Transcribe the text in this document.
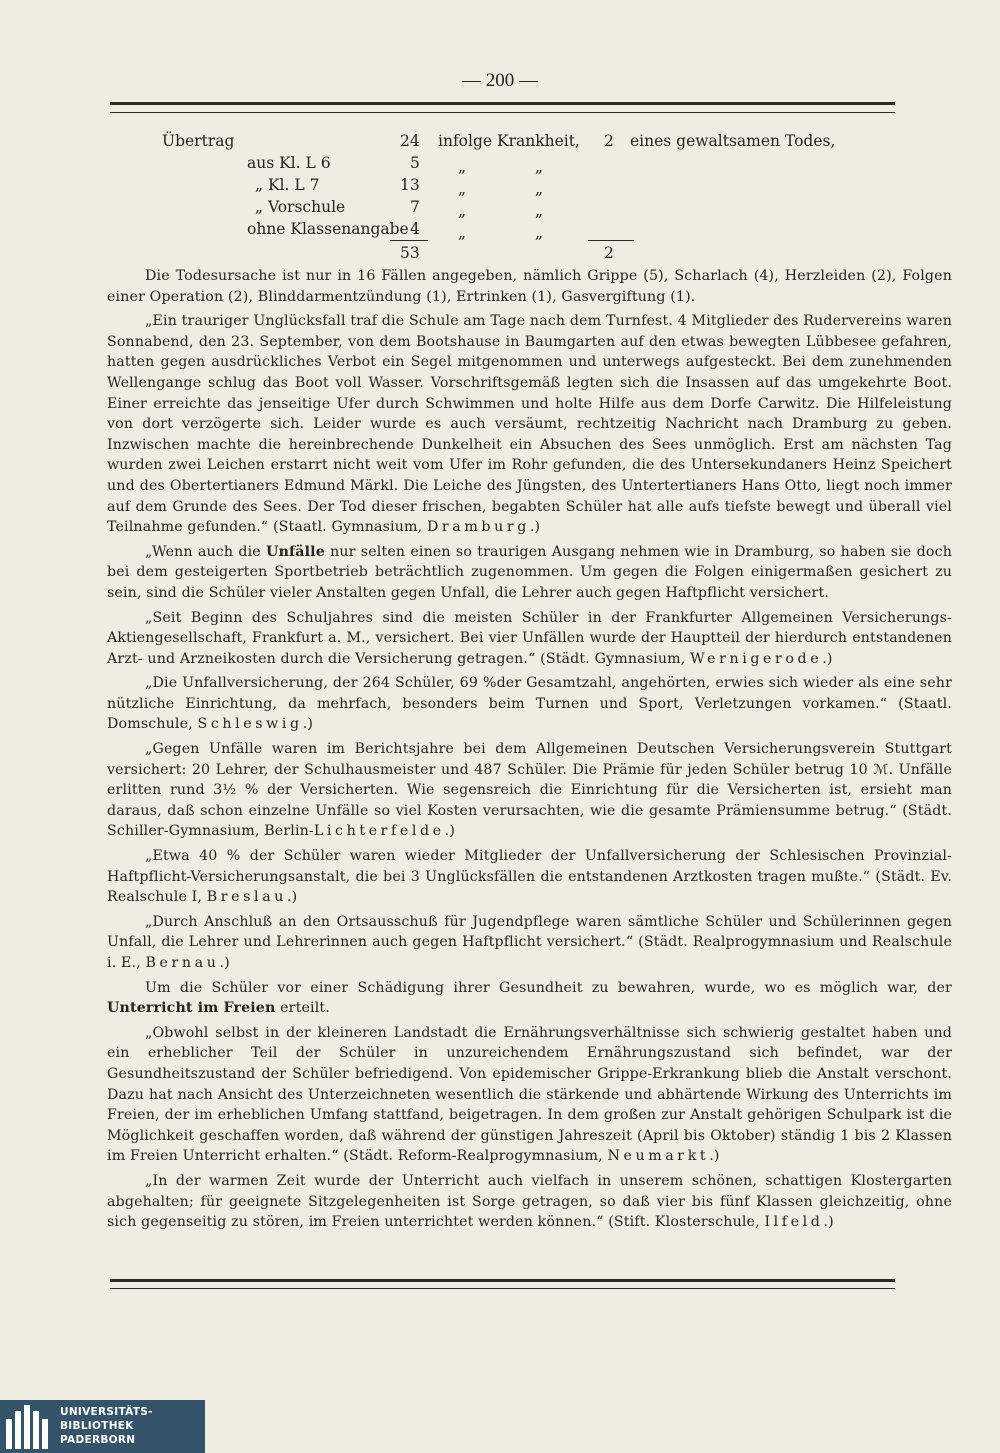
— 200 —
Übertrag	24 infolge Krankheit, 2 eines gewaltsamen Todes,
aus Kl. L 6	5 „	„
„ Kl. L 7	13 „	„
„ Vorschule	7 „	„
ohne Klassenangabe 4 „	„
53	2

Die Todesursache ist nur in 16 Fällen angegeben, nämlich Grippe (5), Scharlach (4), Herzleiden (2), Folgen einer Operation (2), Blinddarmentzündung (1), Ertrinken (1), Gasvergiftung (1).

„Ein trauriger Unglücksfall traf die Schule am Tage nach dem Turnfest. 4 Mitglieder des Rudervereins waren Sonnabend, den 23. September, von dem Bootshause in Baumgarten auf den etwas bewegten Lübbesee gefahren, hatten gegen ausdrückliches Verbot ein Segel mitgenommen und unterwegs aufgesteckt. Bei dem zunehmenden Wellengange schlug das Boot voll Wasser. Vorschriftsgemäß legten sich die Insassen auf das umgekehrte Boot. Einer erreichte das jenseitige Ufer durch Schwimmen und holte Hilfe aus dem Dorfe Carwitz. Die Hilfeleistung von dort verzögerte sich. Leider wurde es auch versäumt, rechtzeitig Nachricht nach Dramburg zu geben. Inzwischen machte die hereinbrechende Dunkelheit ein Absuchen des Sees unmöglich. Erst am nächsten Tag wurden zwei Leichen erstarrt nicht weit vom Ufer im Rohr gefunden, die des Untersekundaners Heinz Speichert und des Obertertianers Edmund Märkl. Die Leiche des Jüngsten, des Untertertianers Hans Otto, liegt noch immer auf dem Grunde des Sees. Der Tod dieser frischen, begabten Schüler hat alle aufs tiefste bewegt und überall viel Teilnahme gefunden.“ (Staatl. Gymnasium, Dramburg.)

„Wenn auch die Unfälle nur selten einen so traurigen Ausgang nehmen wie in Dramburg, so haben sie doch bei dem gesteigerten Sportbetrieb beträchtlich zugenommen. Um gegen die Folgen einigermaßen gesichert zu sein, sind die Schüler vieler Anstalten gegen Unfall, die Lehrer auch gegen Haftpflicht versichert.

„Seit Beginn des Schuljahres sind die meisten Schüler in der Frankfurter Allgemeinen Versicherungs-Aktiengesellschaft, Frankfurt a. M., versichert. Bei vier Unfällen wurde der Hauptteil der hierdurch entstandenen Arzt- und Arzneikosten durch die Versicherung getragen.“ (Städt. Gymnasium, Wernigerode.)

„Die Unfallversicherung, der 264 Schüler, 69 %der Gesamtzahl, angehörten, erwies sich wieder als eine sehr nützliche Einrichtung, da mehrfach, besonders beim Turnen und Sport, Verletzungen vorkamen.“ (Staatl. Domschule, Schleswig.)

„Gegen Unfälle waren im Berichtsjahre bei dem Allgemeinen Deutschen Versicherungsverein Stuttgart versichert: 20 Lehrer, der Schulhausmeister und 487 Schüler. Die Prämie für jeden Schüler betrug 10 ℳ. Unfälle erlitten rund 3½ % der Versicherten. Wie segensreich die Einrichtung für die Versicherten ist, ersieht man daraus, daß schon einzelne Unfälle so viel Kosten verursachten, wie die gesamte Prämiensumme betrug.“ (Städt. Schiller-Gymnasium, Berlin-Lichterfelde.)

„Etwa 40 % der Schüler waren wieder Mitglieder der Unfallversicherung der Schlesischen Provinzial-Haftpflicht-Versicherungsanstalt, die bei 3 Unglücksfällen die entstandenen Arztkosten tragen mußte.“ (Städt. Ev. Realschule I, Breslau.)

„Durch Anschluß an den Ortsausschuß für Jugendpflege waren sämtliche Schüler und Schülerinnen gegen Unfall, die Lehrer und Lehrerinnen auch gegen Haftpflicht versichert.“ (Städt. Realprogymnasium und Realschule i. E., Bernau.)

Um die Schüler vor einer Schädigung ihrer Gesundheit zu bewahren, wurde, wo es möglich war, der Unterricht im Freien erteilt.

„Obwohl selbst in der kleineren Landstadt die Ernährungsverhältnisse sich schwierig gestaltet haben und ein erheblicher Teil der Schüler in unzureichendem Ernährungszustand sich befindet, war der Gesundheitszustand der Schüler befriedigend. Von epidemischer Grippe-Erkrankung blieb die Anstalt verschont. Dazu hat nach Ansicht des Unterzeichneten wesentlich die stärkende und abhärtende Wirkung des Unterrichts im Freien, der im erheblichen Umfang stattfand, beigetragen. In dem großen zur Anstalt gehörigen Schulpark ist die Möglichkeit geschaffen worden, daß während der günstigen Jahreszeit (April bis Oktober) ständig 1 bis 2 Klassen im Freien Unterricht erhalten.“ (Städt. Reform-Realprogymnasium, Neumarkt.)

„In der warmen Zeit wurde der Unterricht auch vielfach in unserem schönen, schattigen Klostergarten abgehalten; für geeignete Sitzgelegenheiten ist Sorge getragen, so daß vier bis fünf Klassen gleichzeitig, ohne sich gegenseitig zu stören, im Freien unterrichtet werden können.“ (Stift. Klosterschule, Ilfeld.)

UNIVERSITÄTS-
BIBLIOTHEK
PADERBORN
